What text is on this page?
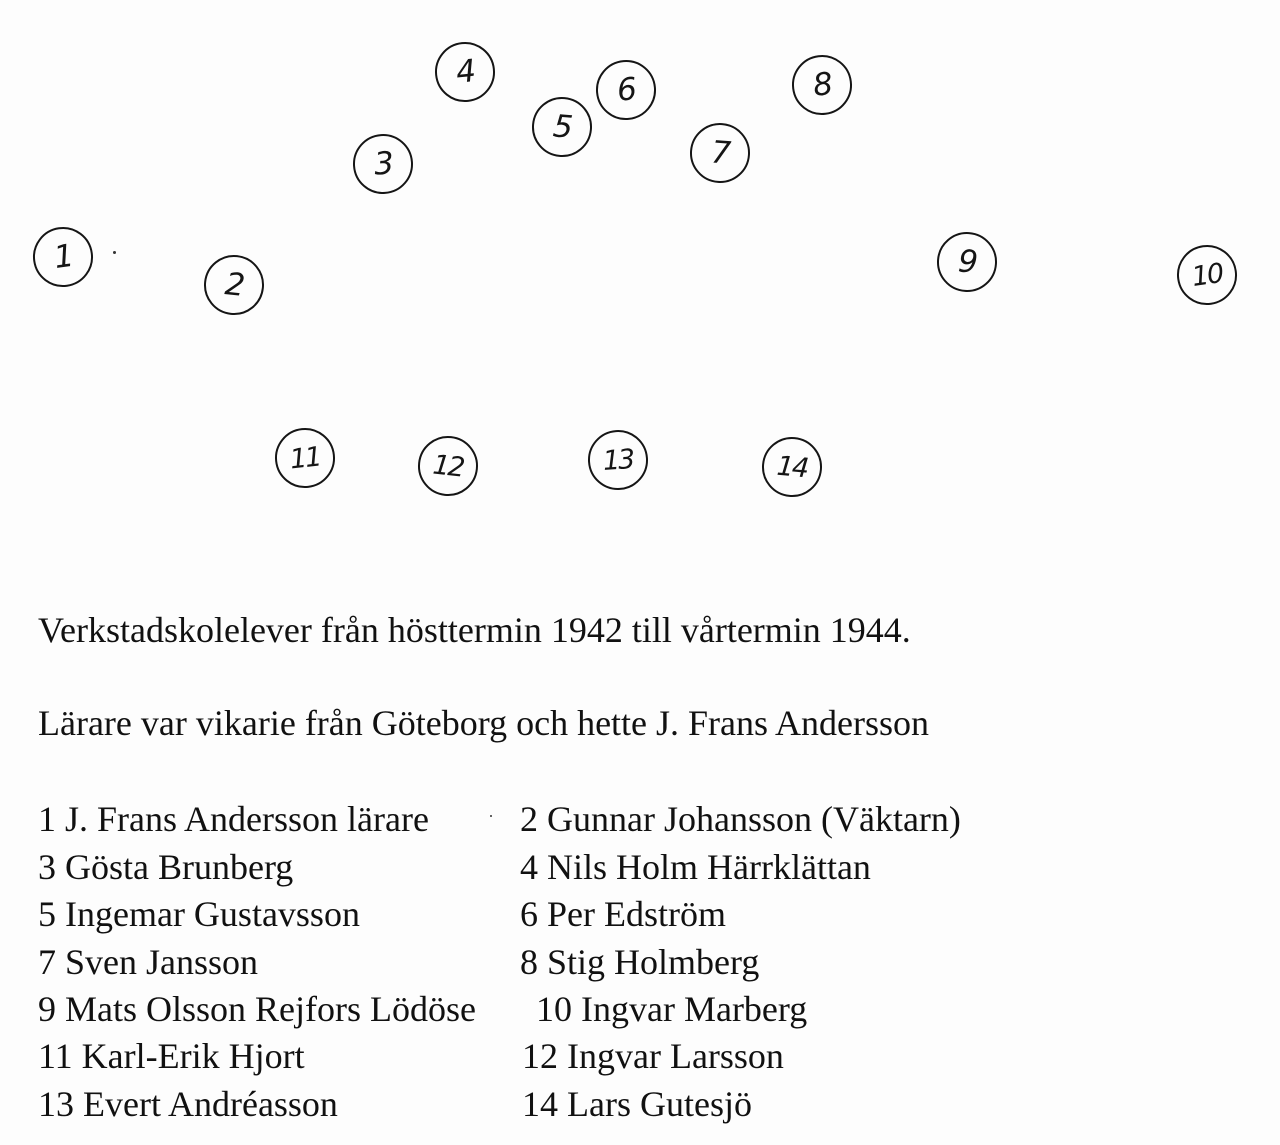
1
2
3
4
5
6
7
8
9	10
11	12	13	14

Verkstadskolelever från hösttermin 1942 till vårtermin 1944.

Lärare var vikarie från Göteborg och hette J. Frans Andersson

1 J. Frans Andersson lärare	2 Gunnar Johansson (Väktarn)
3 Gösta Brunberg	4 Nils Holm Härrklättan
5 Ingemar Gustavsson	6 Per Edström
7 Sven Jansson	8 Stig Holmberg
9 Mats Olsson Rejfors Lödöse 10 Ingvar Marberg
11 Karl-Erik Hjort	12 Ingvar Larsson
13 Evert Andréasson	14 Lars Gutesjö
